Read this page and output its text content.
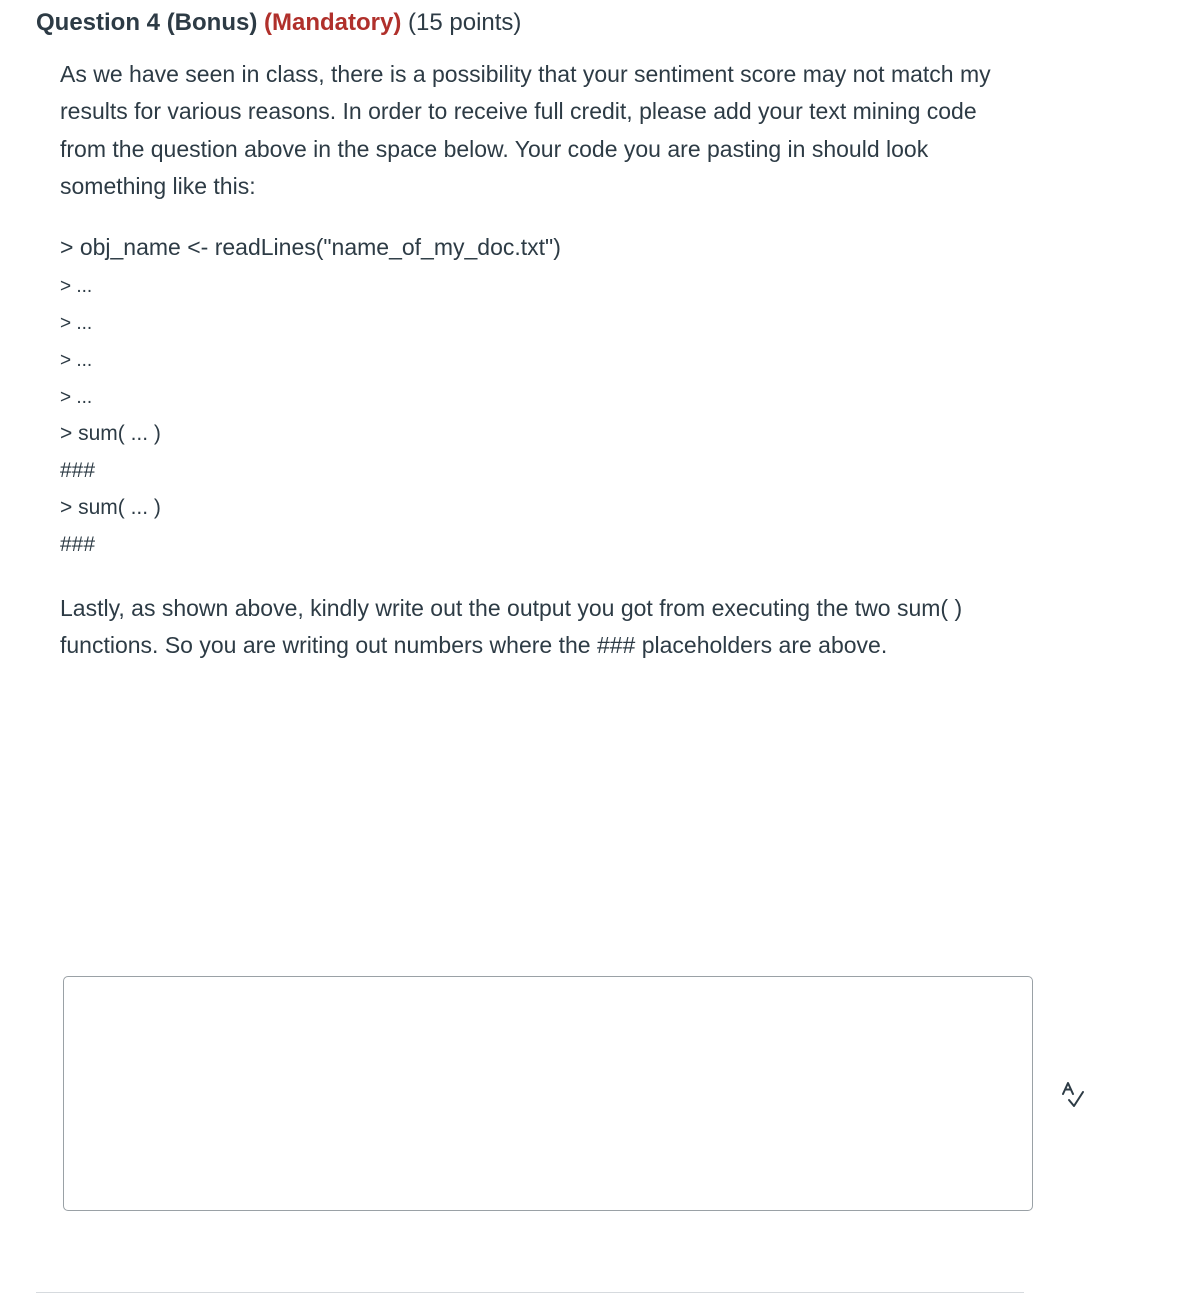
Question 4 (Bonus) (Mandatory) (15 points)

As we have seen in class, there is a possibility that your sentiment score may not match my results for various reasons. In order to receive full credit, please add your text mining code from the question above in the space below. Your code you are pasting in should look something like this:

> obj_name <- readLines("name_of_my_doc.txt")
> ...
> ...
> ...
> ...
> sum( ... )
###
> sum( ... )
###

Lastly, as shown above, kindly write out the output you got from executing the two sum( ) functions. So you are writing out numbers where the ### placeholders are above.
